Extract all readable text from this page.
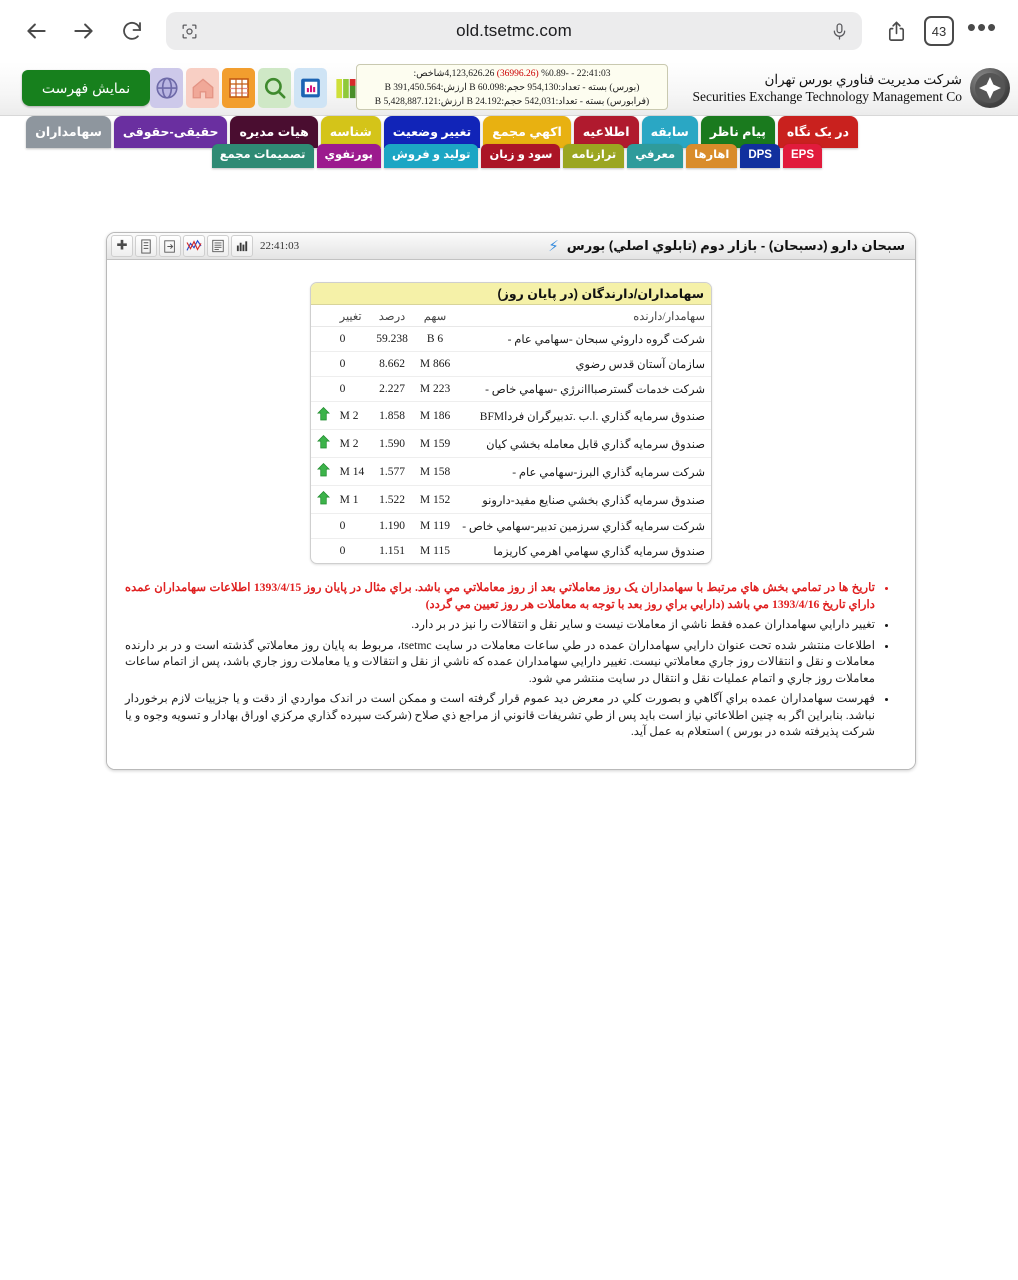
old.tsetmc.com	43 •••
نمایش فهرست
22:41:03 - -%0.89 (36996.26) 4,123,626.26شاخص:
(بورس) بسته - تعداد:954,130 حجم:B 60.098 ارزش:B 391,450.564
(فرابورس) بسته - تعداد:542,031 حجم:B 24.192 ارزش:B 5,428,887.121
شرکت مديريت فناوري بورس تهران
Securities Exchange Technology Management Co
در يک نگاه
پيام ناظر
سابقه
اطلاعیه
اکهي مجمع
تغییر وضعیت
شناسه
هیات مدیره
حقیقی-حقوقی
سهامداران
EPS
DPS
اهارها
معرفي
ترازنامه
سود و زيان
تولید و فروش
پورتفوي
تصميمات مجمع
سبحان دارو (دسبحان) - بازار دوم (تابلوي اصلي) بورس
⚡
22:41:03
سهامداران/دارندگان (در پایان روز)
سهامدار/دارنده	سهم	درصد	تغییر	
شرکت گروه داروئي سبحان -سهامي عام -	6 B	59.238	0	
سازمان آستان قدس رضوي	866 M	8.662	0	
شرکت خدمات گسترصبااانرژي -سهامي خاص -	223 M	2.227	0	
صندوق سرمايه گذاري .ا.ب .تدبيرگران فرداBFM	186 M	1.858	2 M	
صندوق سرمايه گذاري قابل معامله بخشي کيان	159 M	1.590	2 M	
شرکت سرمايه گذاري البرز-سهامي عام -	158 M	1.577	14 M	
صندوق سرمايه گذاري بخشي صنايع مفيد-دارونو	152 M	1.522	1 M	
شرکت سرمايه گذاري سرزمين تدبير-سهامي خاص -	119 M	1.190	0	
صندوق سرمايه گذاري سهامي اهرمي کاريزما	115 M	1.151	0	
• تاریخ ها در تمامي بخش هاي مرتبط با سهامداران یک روز معاملاتي بعد از روز معاملاتي مي باشد. براي مثال در پایان روز 1393/4/15 اطلاعات سهامداران عمده داراي تاریخ 1393/4/16 مي باشد (دارایي براي روز بعد با توجه به معاملات هر روز تعیین مي گردد)
• تغییر دارایي سهامداران عمده فقط ناشي از معاملات نیست و سایر نقل و انتقالات را نیز در بر دارد.
• اطلاعات منتشر شده تحت عنوان دارایي سهامداران عمده در طي ساعات معاملات در سایت tsetmc، مربوط به پایان روز معاملاتي گذشته است و در بر دارنده معاملات و نقل و انتقالات روز جاري معاملاتي نیست. تغییر دارایي سهامداران عمده که ناشي از نقل و انتقالات و یا معاملات روز جاري باشد، پس از اتمام ساعات معاملات روز جاري و اتمام عملیات نقل و انتقال در سایت منتشر مي شود.
• فهرست سهامداران عمده براي آگاهي و بصورت کلي در معرض دید عموم قرار گرفته است و ممکن است در اندک مواردي از دقت و یا جزییات لازم برخوردار نباشد. بنابراین اگر به چنین اطلاعاتي نیاز است باید پس از طي تشریفات قانوني از مراجع ذي صلاح (شرکت سپرده گذاري مرکزي اوراق بهادار و تسویه وجوه و یا شرکت پذیرفته شده در بورس ) استعلام به عمل آید.
